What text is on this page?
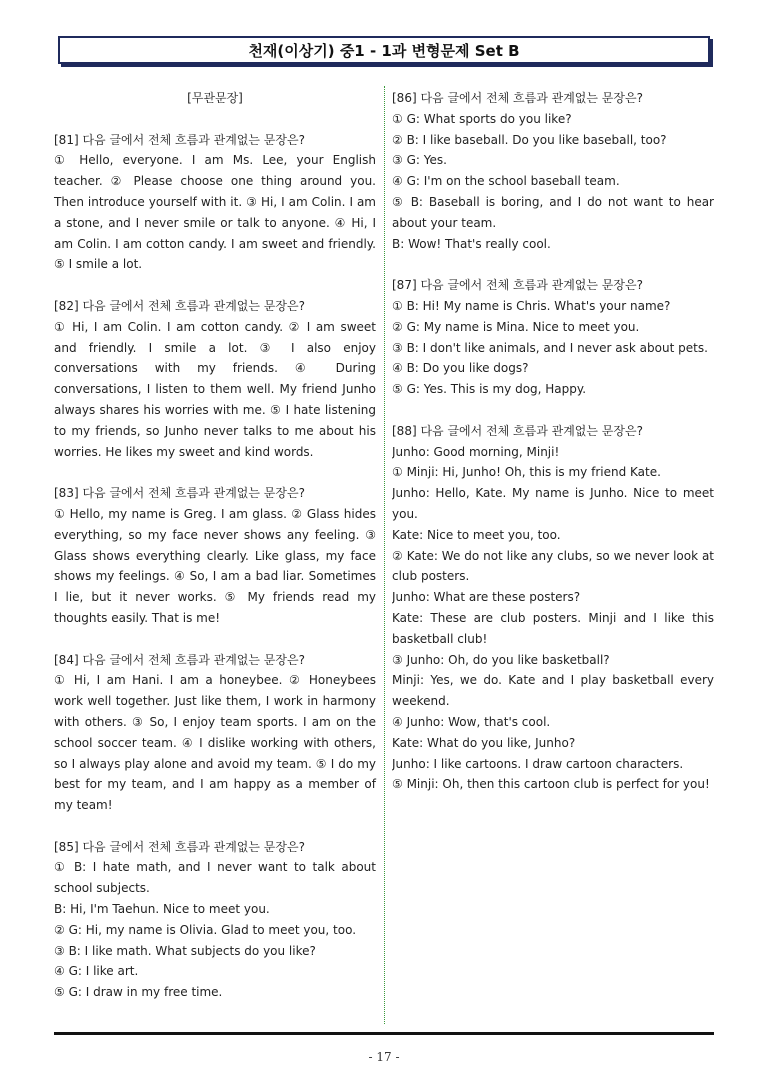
천재(이상기) 중1 - 1과 변형문제 Set B
[무관문장]
[81] 다음 글에서 전체 흐름과 관계없는 문장은?

① Hello, everyone. I am Ms. Lee, your English teacher. ② Please choose one thing around you. Then introduce yourself with it. ③ Hi, I am Colin. I am a stone, and I never smile or talk to anyone. ④ Hi, I am Colin. I am cotton candy. I am sweet and friendly. ⑤ I smile a lot.

[82] 다음 글에서 전체 흐름과 관계없는 문장은?

① Hi, I am Colin. I am cotton candy. ② I am sweet and friendly. I smile a lot. ③ I also enjoy conversations with my friends. ④ During conversations, I listen to them well. My friend Junho always shares his worries with me. ⑤ I hate listening to my friends, so Junho never talks to me about his worries. He likes my sweet and kind words.

[83] 다음 글에서 전체 흐름과 관계없는 문장은?

① Hello, my name is Greg. I am glass. ② Glass hides everything, so my face never shows any feeling. ③ Glass shows everything clearly. Like glass, my face shows my feelings. ④ So, I am a bad liar. Sometimes I lie, but it never works. ⑤ My friends read my thoughts easily. That is me!

[84] 다음 글에서 전체 흐름과 관계없는 문장은?

① Hi, I am Hani. I am a honeybee. ② Honeybees work well together. Just like them, I work in harmony with others. ③ So, I enjoy team sports. I am on the school soccer team. ④ I dislike working with others, so I always play alone and avoid my team. ⑤ I do my best for my team, and I am happy as a member of my team!

[85] 다음 글에서 전체 흐름과 관계없는 문장은?
① B: I hate math, and I never want to talk about school subjects.
B: Hi, I'm Taehun. Nice to meet you.
② G: Hi, my name is Olivia. Glad to meet you, too.
③ B: I like math. What subjects do you like?
④ G: I like art.
⑤ G: I draw in my free time.
[86] 다음 글에서 전체 흐름과 관계없는 문장은?
① G: What sports do you like?
② B: I like baseball. Do you like baseball, too?
③ G: Yes.
④ G: I'm on the school baseball team.
⑤ B: Baseball is boring, and I do not want to hear about your team.
B: Wow! That's really cool.
[87] 다음 글에서 전체 흐름과 관계없는 문장은?
① B: Hi! My name is Chris. What's your name?
② G: My name is Mina. Nice to meet you.
③ B: I don't like animals, and I never ask about pets.
④ B: Do you like dogs?
⑤ G: Yes. This is my dog, Happy.
[88] 다음 글에서 전체 흐름과 관계없는 문장은?
Junho: Good morning, Minji!
① Minji: Hi, Junho! Oh, this is my friend Kate.
Junho: Hello, Kate. My name is Junho. Nice to meet you.
Kate: Nice to meet you, too.
② Kate: We do not like any clubs, so we never look at club posters.
Junho: What are these posters?
Kate: These are club posters. Minji and I like this basketball club!
③ Junho: Oh, do you like basketball?
Minji: Yes, we do. Kate and I play basketball every weekend.
④ Junho: Wow, that's cool.
Kate: What do you like, Junho?
Junho: I like cartoons. I draw cartoon characters.
⑤ Minji: Oh, then this cartoon club is perfect for you!
- 17 -
